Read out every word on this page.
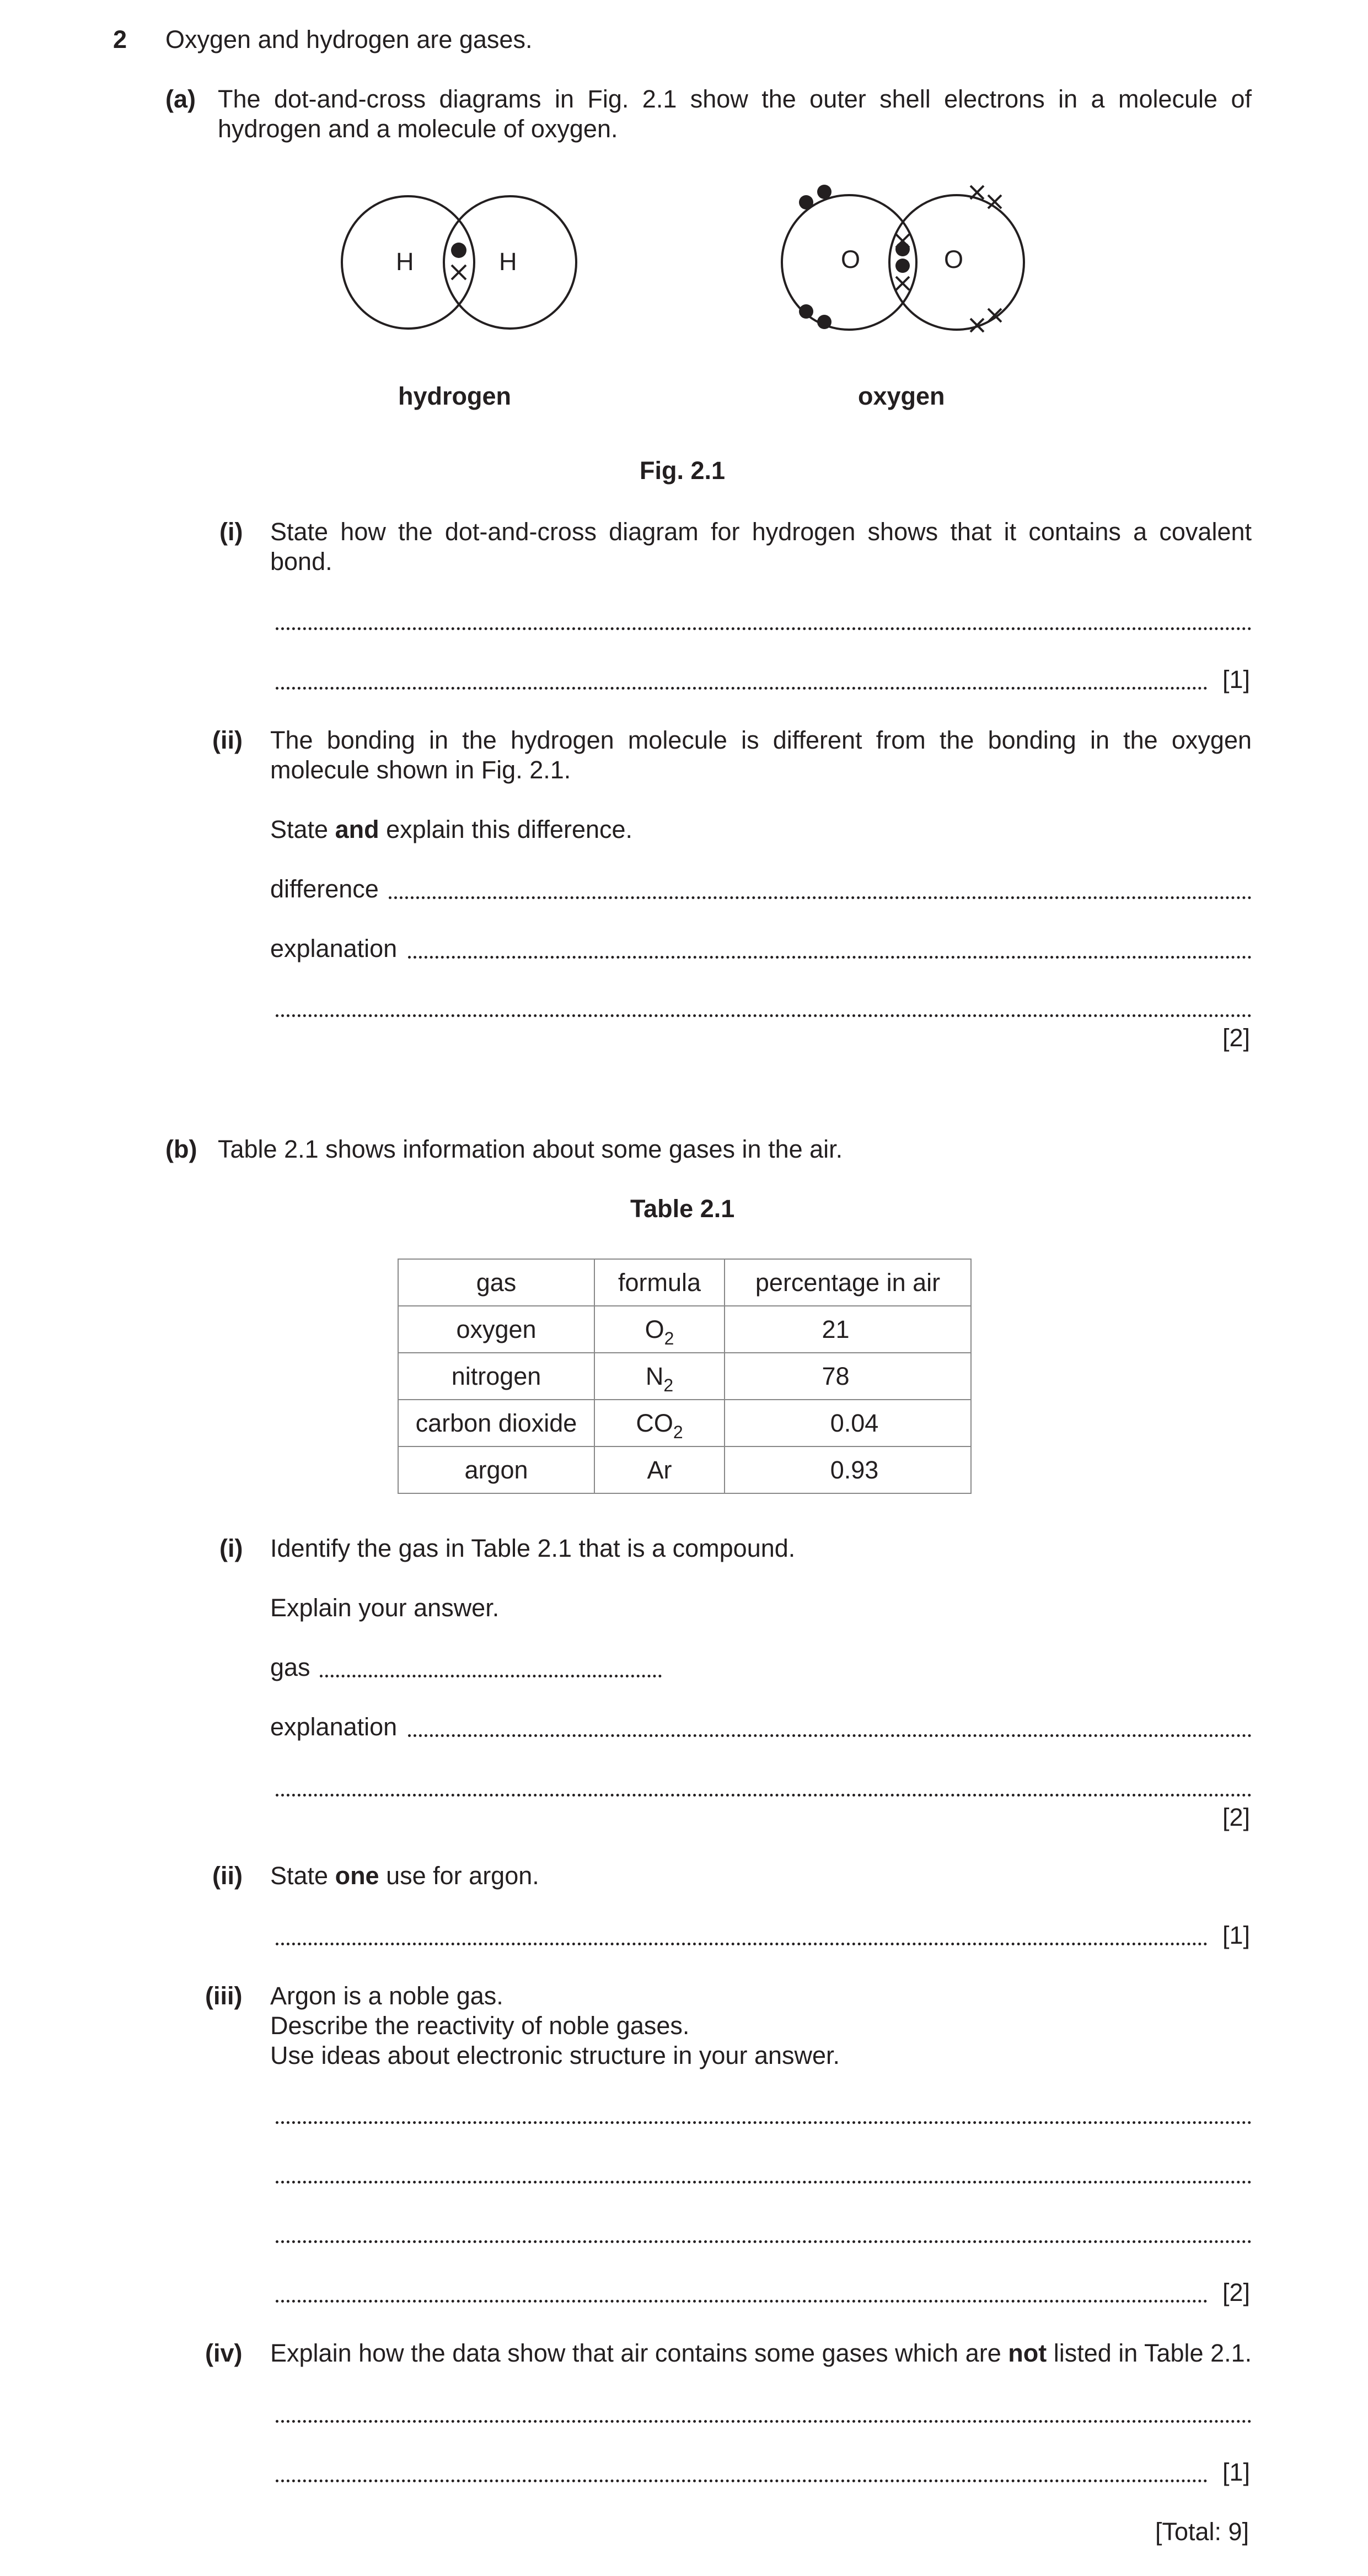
2 Oxygen and hydrogen are gases.
(a) The dot-and-cross diagrams in Fig. 2.1 show the outer shell electrons in a molecule of
hydrogen and a molecule of oxygen.
H	H	O	O
hydrogen	oxygen
Fig. 2.1
(i) State how the dot-and-cross diagram for hydrogen shows that it contains a covalent
bond.
[1]
(ii) The bonding in the hydrogen molecule is different from the bonding in the oxygen
molecule shown in Fig. 2.1.
State and explain this difference.
difference
explanation
[2]
(b) Table 2.1 shows information about some gases in the air.
Table 2.1
gas	formula	percentage in air
oxygen	$O_2$	21
nitrogen	$N_2$	78
carbon dioxide	$CO_2$	0.04
argon	Ar	0.93
(i) Identify the gas in Table 2.1 that is a compound.
Explain your answer.
gas
explanation
[2]
(ii) State one use for argon.
[1]
(iii) Argon is a noble gas.
Describe the reactivity of noble gases.
Use ideas about electronic structure in your answer.
[2]
(iv) Explain how the data show that air contains some gases which are not listed in Table 2.1.
[1]
[Total: 9]
